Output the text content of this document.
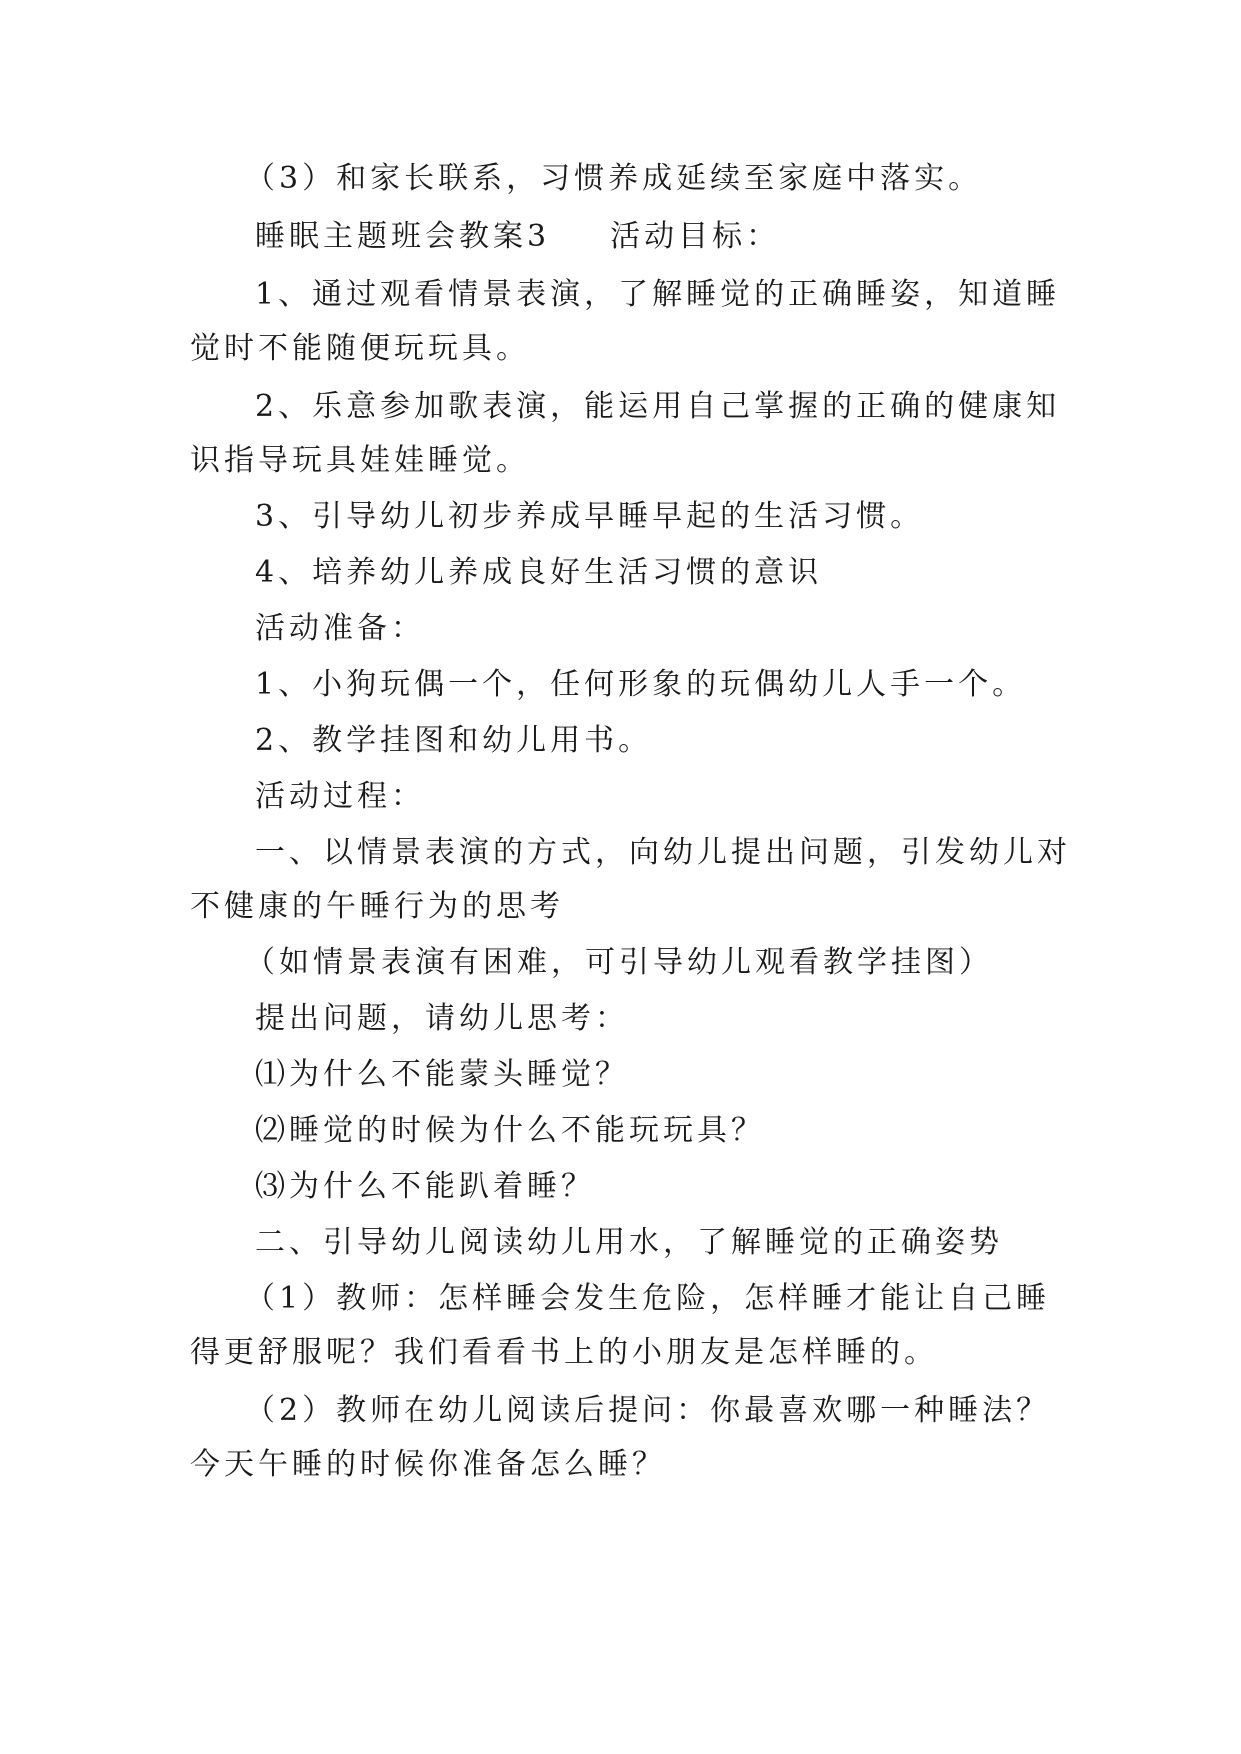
（3）和家长联系，习惯养成延续至家庭中落实。

睡眠主题班会教案3 活动目标：

1、通过观看情景表演，了解睡觉的正确睡姿，知道睡

觉时不能随便玩玩具。

2、乐意参加歌表演，能运用自己掌握的正确的健康知

识指导玩具娃娃睡觉。

3、引导幼儿初步养成早睡早起的生活习惯。

4、培养幼儿养成良好生活习惯的意识

活动准备：

1、小狗玩偶一个，任何形象的玩偶幼儿人手一个。

2、教学挂图和幼儿用书。

活动过程：

一、以情景表演的方式，向幼儿提出问题，引发幼儿对

不健康的午睡行为的思考

（如情景表演有困难，可引导幼儿观看教学挂图）

提出问题，请幼儿思考：

⑴为什么不能蒙头睡觉？

⑵睡觉的时候为什么不能玩玩具？

⑶为什么不能趴着睡？

二、引导幼儿阅读幼儿用水，了解睡觉的正确姿势

（1）教师：怎样睡会发生危险，怎样睡才能让自己睡

得更舒服呢？我们看看书上的小朋友是怎样睡的。

（2）教师在幼儿阅读后提问：你最喜欢哪一种睡法？

今天午睡的时候你准备怎么睡？
